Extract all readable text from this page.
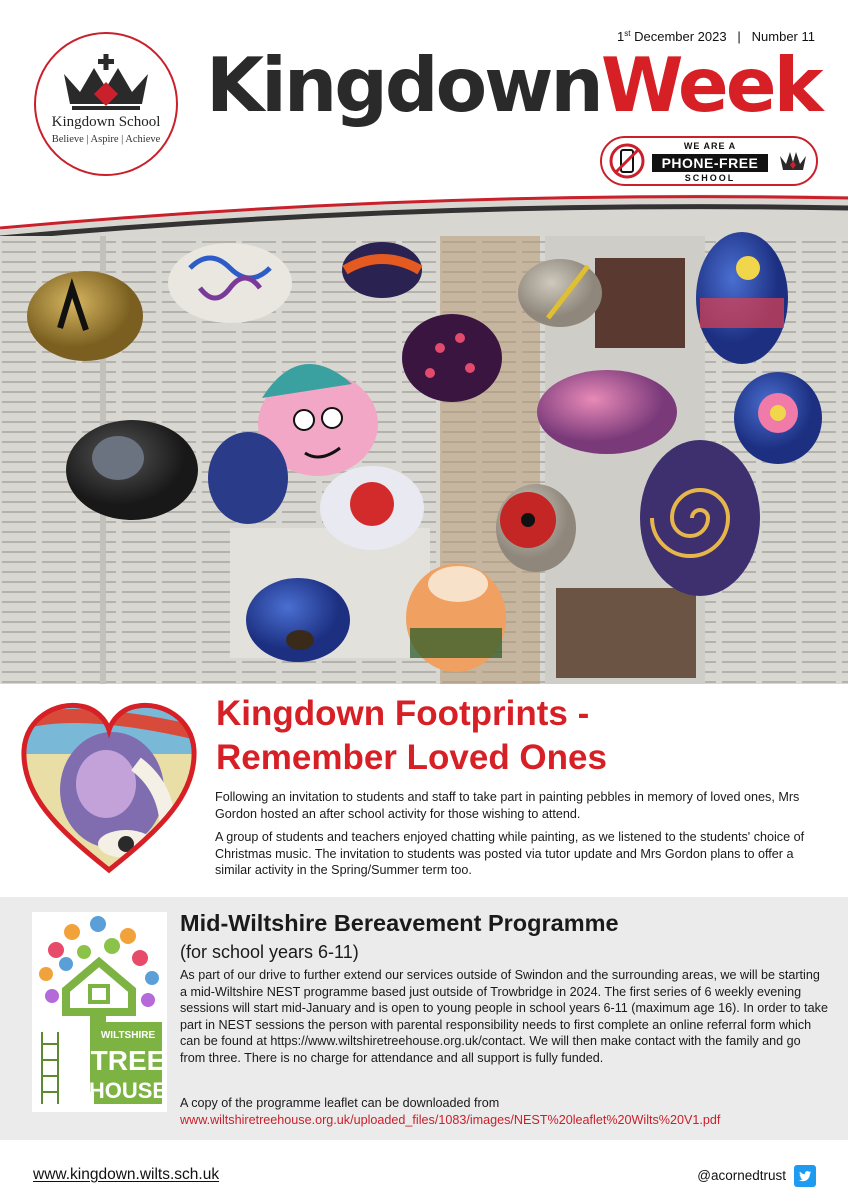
Kingdown School
Believe | Aspire | Achieve
1st December 2023   |   Number 11
KingdownWeek
WE ARE A
PHONE-FREE
SCHOOL
Kingdown Footprints - Remember Loved Ones

Following an invitation to students and staff to take part in painting pebbles in memory of loved ones, Mrs Gordon hosted an after school activity for those wishing to attend.

A group of students and teachers enjoyed chatting while painting, as we listened to the students' choice of Christmas music. The invitation to students was posted via tutor update and Mrs Gordon plans to offer a similar activity in the Spring/Summer term too.

WILTSHIRE
TREE
HOUSE
Mid-Wiltshire Bereavement Programme
(for school years 6-11)
As part of our drive to further extend our services outside of Swindon and the surrounding areas, we will be starting a mid-Wiltshire NEST programme based just outside of Trowbridge in 2024. The first series of 6 weekly evening sessions will start mid-January and is open to young people in school years 6-11 (maximum age 16). In order to take part in NEST sessions the person with parental responsibility needs to first complete an online referral form which can be found at https://www.wiltshiretreehouse.org.uk/contact. We will then make contact with the family and go from three. There is no charge for attendance and all support is fully funded.
A copy of the programme leaflet can be downloaded from
www.wiltshiretreehouse.org.uk/uploaded_files/1083/images/NEST%20leaflet%20Wilts%20V1.pdf
www.kingdown.wilts.sch.uk	@acornedtrust
